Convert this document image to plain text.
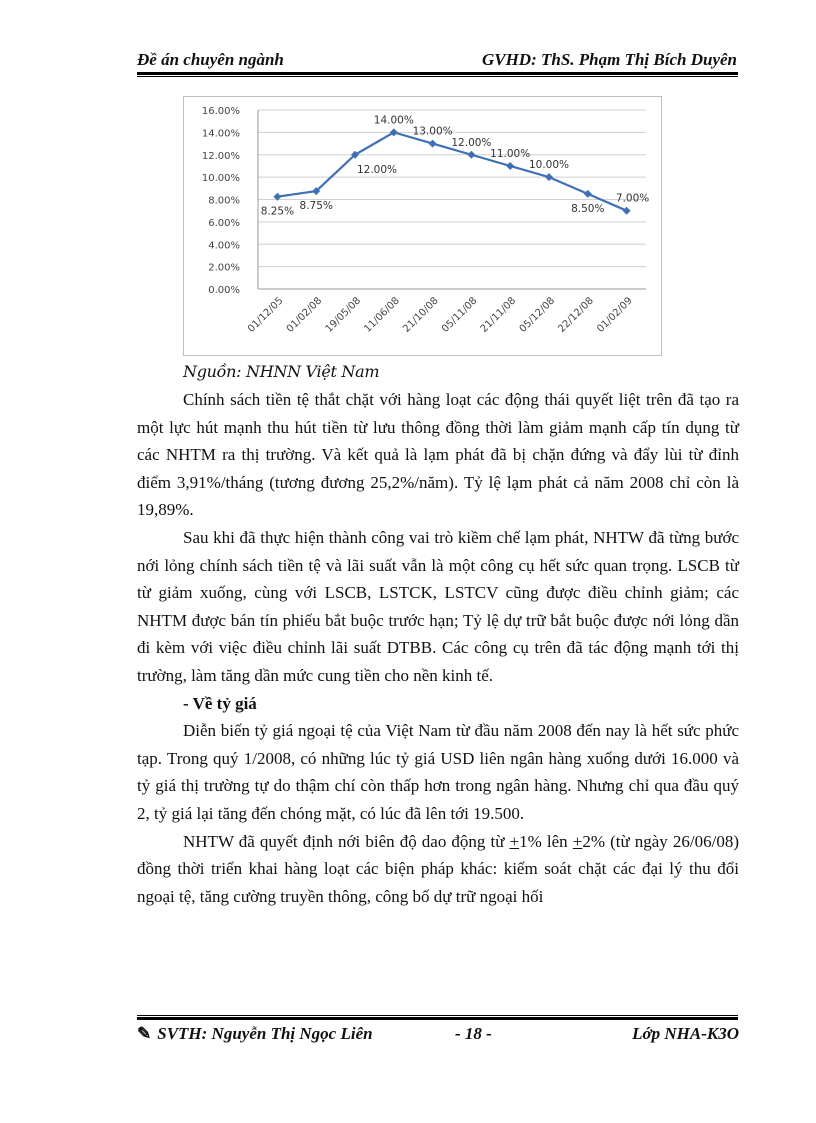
Đề án chuyên ngành	GVHD: ThS. Phạm Thị Bích Duyên
0.00%
2.00%
4.00%
6.00%
8.00%
10.00%
12.00%
14.00%
16.00%
01/12/05 01/02/08 19/05/08 11/06/08 21/10/08 05/11/08 21/11/08 05/12/08 22/12/08 01/02/09
8.25% 8.75%
12.00%
14.00%
13.00%
12.00%
11.00%
10.00%
8.50%
7.00%
Nguồn: NHNN Việt Nam

Chính sách tiền tệ thắt chặt với hàng loạt các động thái quyết liệt trên đã tạo ra một lực hút mạnh thu hút tiền từ lưu thông đồng thời làm giảm mạnh cấp tín dụng từ các NHTM ra thị trường. Và kết quả là lạm phát đã bị chặn đứng và đẩy lùi từ đỉnh điểm 3,91%/tháng (tương đương 25,2%/năm). Tỷ lệ lạm phát cả năm 2008 chỉ còn là 19,89%.

Sau khi đã thực hiện thành công vai trò kiềm chế lạm phát, NHTW đã từng bước nới lỏng chính sách tiền tệ và lãi suất vẫn là một công cụ hết sức quan trọng. LSCB từ từ giảm xuống, cùng với LSCB, LSTCK, LSTCV cũng được điều chỉnh giảm; các NHTM được bán tín phiếu bắt buộc trước hạn; Tỷ lệ dự trữ bắt buộc được nới lỏng dần đi kèm với việc điều chỉnh lãi suất DTBB. Các công cụ trên đã tác động mạnh tới thị trường, làm tăng dần mức cung tiền cho nền kinh tế.

- Về tỷ giá

Diễn biến tỷ giá ngoại tệ của Việt Nam từ đầu năm 2008 đến nay là hết sức phức tạp. Trong quý 1/2008, có những lúc tỷ giá USD liên ngân hàng xuống dưới 16.000 và tỷ giá thị trường tự do thậm chí còn thấp hơn trong ngân hàng. Nhưng chỉ qua đầu quý 2, tỷ giá lại tăng đến chóng mặt, có lúc đã lên tới 19.500.

NHTW đã quyết định nới biên độ dao động từ +1% lên +2% (từ ngày 26/06/08) đồng thời triển khai hàng loạt các biện pháp khác: kiểm soát chặt các đại lý thu đổi ngoại tệ, tăng cường truyền thông, công bố dự trữ ngoại hối

✎ SVTH: Nguyễn Thị Ngọc Liên	- 18 -	Lớp NHA-K3O
